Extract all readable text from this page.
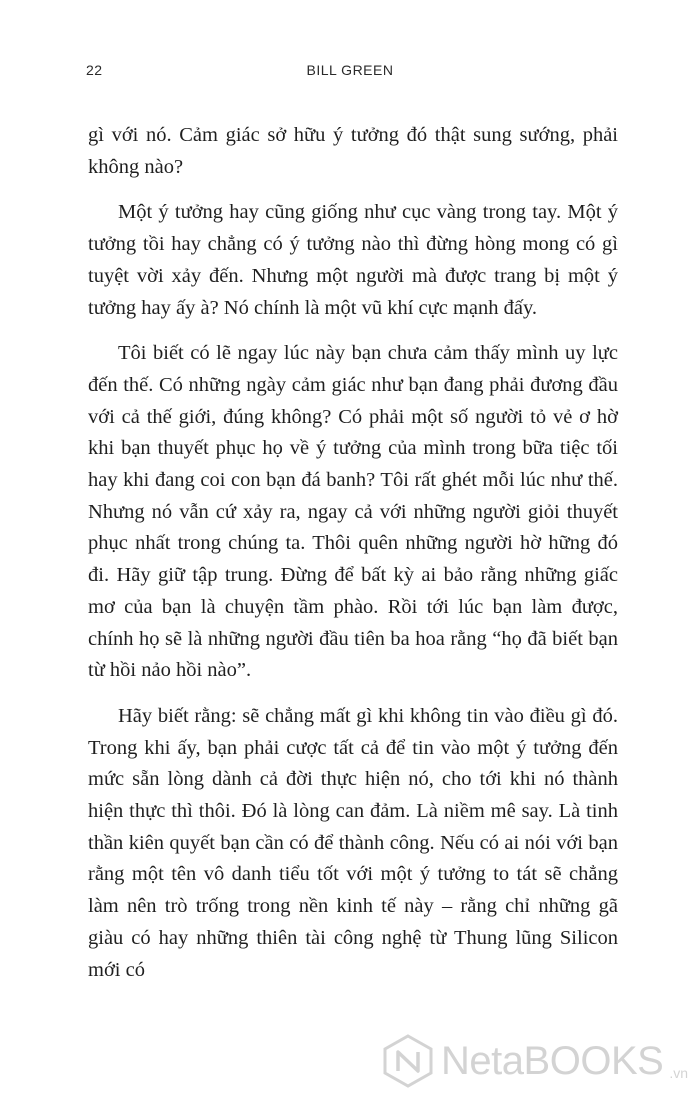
22	BILL GREEN

gì với nó. Cảm giác sở hữu ý tưởng đó thật sung sướng, phải không nào?

Một ý tưởng hay cũng giống như cục vàng trong tay. Một ý tưởng tồi hay chẳng có ý tưởng nào thì đừng hòng mong có gì tuyệt vời xảy đến. Nhưng một người mà được trang bị một ý tưởng hay ấy à? Nó chính là một vũ khí cực mạnh đấy.

Tôi biết có lẽ ngay lúc này bạn chưa cảm thấy mình uy lực đến thế. Có những ngày cảm giác như bạn đang phải đương đầu với cả thế giới, đúng không? Có phải một số người tỏ vẻ ơ hờ khi bạn thuyết phục họ về ý tưởng của mình trong bữa tiệc tối hay khi đang coi con bạn đá banh? Tôi rất ghét mỗi lúc như thế. Nhưng nó vẫn cứ xảy ra, ngay cả với những người giỏi thuyết phục nhất trong chúng ta. Thôi quên những người hờ hững đó đi. Hãy giữ tập trung. Đừng để bất kỳ ai bảo rằng những giấc mơ của bạn là chuyện tầm phào. Rồi tới lúc bạn làm được, chính họ sẽ là những người đầu tiên ba hoa rằng “họ đã biết bạn từ hồi nảo hồi nào”.

Hãy biết rằng: sẽ chẳng mất gì khi không tin vào điều gì đó. Trong khi ấy, bạn phải cược tất cả để tin vào một ý tưởng đến mức sẵn lòng dành cả đời thực hiện nó, cho tới khi nó thành hiện thực thì thôi. Đó là lòng can đảm. Là niềm mê say. Là tinh thần kiên quyết bạn cần có để thành công. Nếu có ai nói với bạn rằng một tên vô danh tiểu tốt với một ý tưởng to tát sẽ chẳng làm nên trò trống trong nền kinh tế này – rằng chỉ những gã giàu có hay những thiên tài công nghệ từ Thung lũng Silicon mới có

NetaBOOKS .vn
